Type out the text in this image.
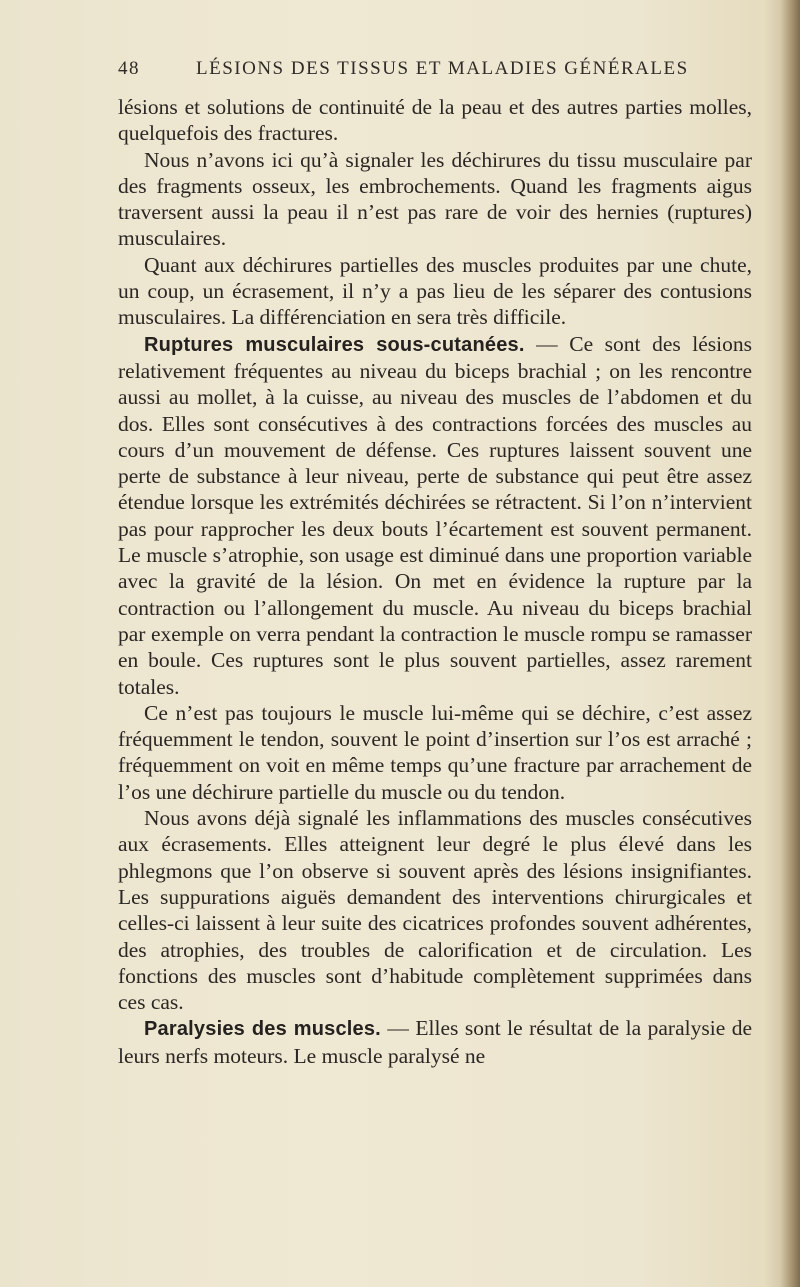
48	LÉSIONS DES TISSUS ET MALADIES GÉNÉRALES

lésions et solutions de continuité de la peau et des autres parties molles, quelquefois des fractures.

Nous n’avons ici qu’à signaler les déchirures du tissu musculaire par des fragments osseux, les embrochements. Quand les fragments aigus traversent aussi la peau il n’est pas rare de voir des hernies (ruptures) musculaires.

Quant aux déchirures partielles des muscles produites par une chute, un coup, un écrasement, il n’y a pas lieu de les séparer des contusions musculaires. La différenciation en sera très difficile.

Ruptures musculaires sous-cutanées. — Ce sont des lésions relativement fréquentes au niveau du biceps brachial ; on les rencontre aussi au mollet, à la cuisse, au niveau des muscles de l’abdomen et du dos. Elles sont consécutives à des contractions forcées des muscles au cours d’un mouvement de défense. Ces ruptures laissent souvent une perte de substance à leur niveau, perte de substance qui peut être assez étendue lorsque les extrémités déchirées se rétractent. Si l’on n’intervient pas pour rapprocher les deux bouts l’écartement est souvent permanent. Le muscle s’atrophie, son usage est diminué dans une proportion variable avec la gravité de la lésion. On met en évidence la rupture par la contraction ou l’allongement du muscle. Au niveau du biceps brachial par exemple on verra pendant la contraction le muscle rompu se ramasser en boule. Ces ruptures sont le plus souvent partielles, assez rarement totales.

Ce n’est pas toujours le muscle lui-même qui se déchire, c’est assez fréquemment le tendon, souvent le point d’insertion sur l’os est arraché ; fréquemment on voit en même temps qu’une fracture par arrachement de l’os une déchirure partielle du muscle ou du tendon.

Nous avons déjà signalé les inflammations des muscles consécutives aux écrasements. Elles atteignent leur degré le plus élevé dans les phlegmons que l’on observe si souvent après des lésions insignifiantes. Les suppurations aiguës demandent des interventions chirurgicales et celles-ci laissent à leur suite des cicatrices profondes souvent adhérentes, des atrophies, des troubles de calorification et de circulation. Les fonctions des muscles sont d’habitude complètement supprimées dans ces cas.

Paralysies des muscles. — Elles sont le résultat de la paralysie de leurs nerfs moteurs. Le muscle paralysé ne
